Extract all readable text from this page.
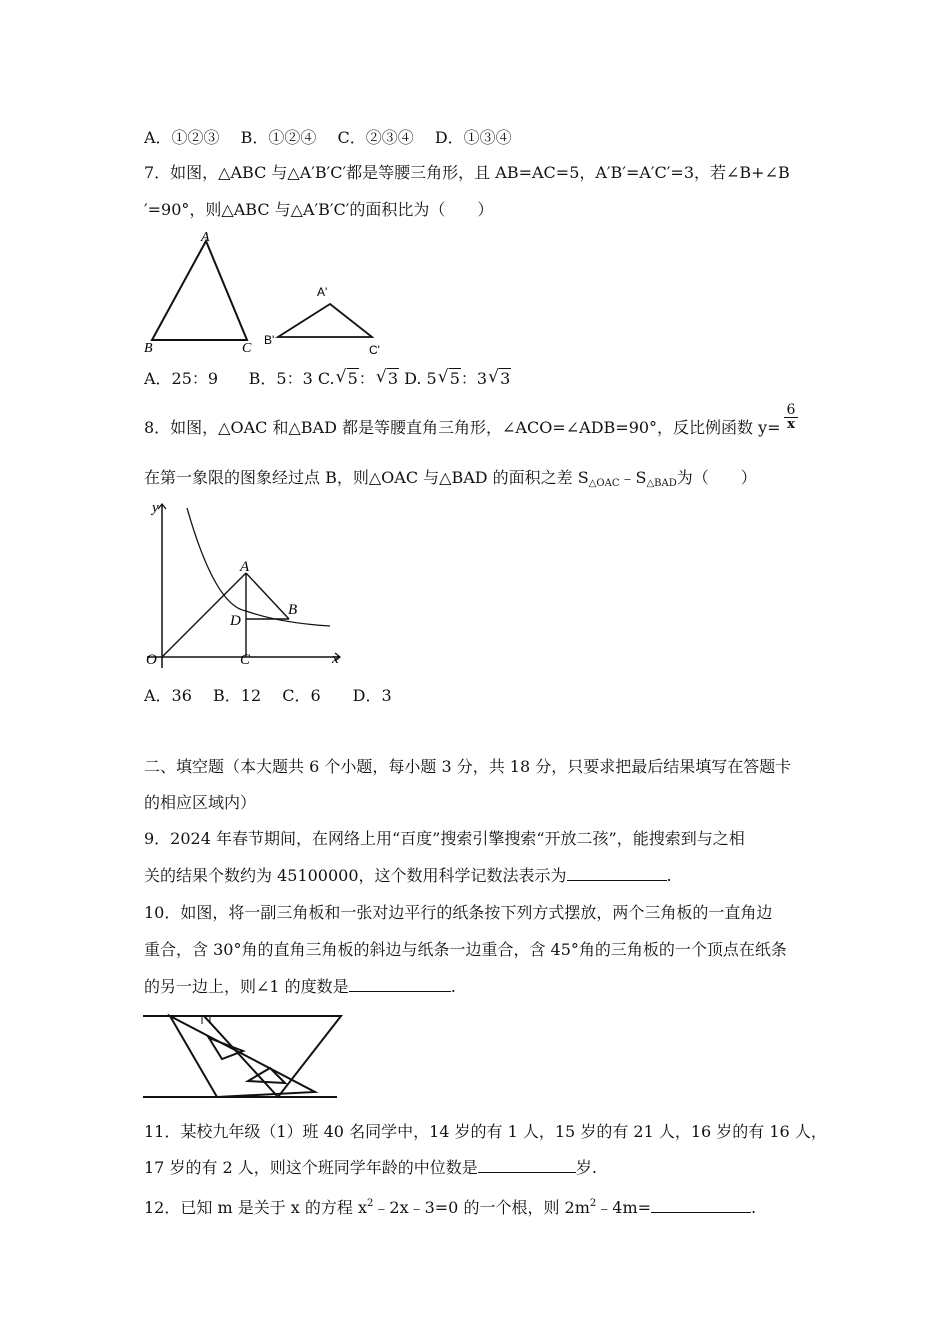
A．①②③　 B．①②④　 C．②③④　 D．①③④
7．如图，△ABC 与△A′B′C′都是等腰三角形，且 AB=AC=5，A′B′=A′C′=3，若∠B+∠B
′=90°，则△ABC 与△A′B′C′的面积比为（　　）
A
B	C
A'
B'
C'
A．25：9 B．5：3 C. √ 5： √ 3 D. 5 √ 5：3 √ 3
8．如图，△OAC 和△BAD 都是等腰直角三角形，∠ACO=∠ADB=90°，反比例函数 $y= \frac{6}{x}$
在第一象限的图象经过点 B，则△OAC 与△BAD 的面积之差 $S_{\triangle OAC}﹣S_{\triangle BAD}$为（　　）
y
x
O
A
B
C
D
A．36　 B．12　 C．6　　D．3
二、填空题（本大题共 6 个小题，每小题 3 分，共 18 分，只要求把最后结果填写在答题卡
的相应区域内）
9．2024 年春节期间，在网络上用“百度”搜索引擎搜索“开放二孩”，能搜索到与之相
关的结果个数约为 45100000，这个数用科学记数法表示为	.
10．如图，将一副三角板和一张对边平行的纸条按下列方式摆放，两个三角板的一直角边
重合，含 30°角的直角三角板的斜边与纸条一边重合，含 45°角的三角板的一个顶点在纸条
的另一边上，则∠1 的度数是	.
11．某校九年级（1）班 40 名同学中，14 岁的有 1 人，15 岁的有 21 人，16 岁的有 16 人，
17 岁的有 2 人，则这个班同学年龄的中位数是	岁.
12．已知 m 是关于 x 的方程 $x^2﹣2x﹣3=0$ 的一个根，则 $2m^2﹣4m=$	.
